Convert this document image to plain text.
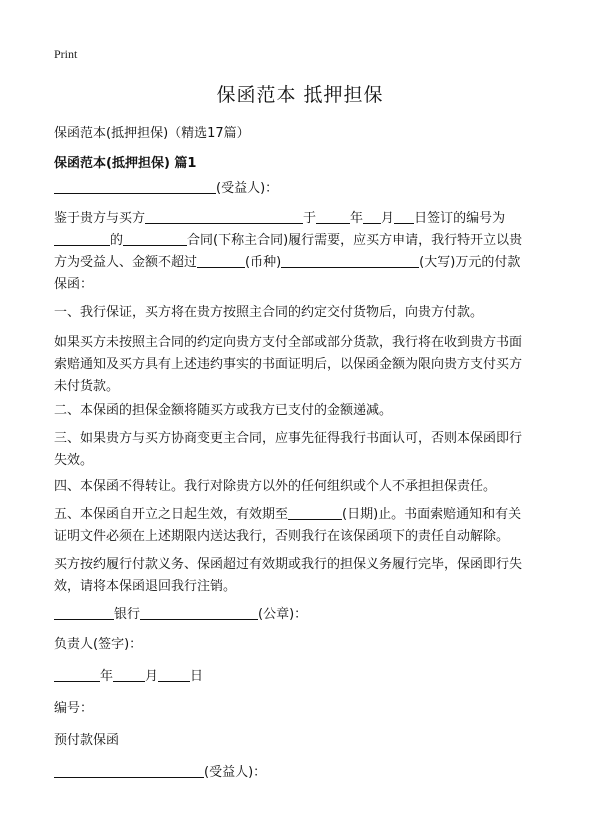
Print
保函范本 抵押担保
保函范本(抵押担保)（精选17篇）
保函范本(抵押担保) 篇1
(受益人)：
鉴于贵方与买方	于	年 月 日签订的编号为
的	合同(下称主合同)履行需要，应买方申请，我行特开立以贵
方为受益人、金额不超过	(币种)	(大写)万元的付款
保函：
一、我行保证，买方将在贵方按照主合同的约定交付货物后，向贵方付款。
如果买方未按照主合同的约定向贵方支付全部或部分货款，我行将在收到贵方书面
索赔通知及买方具有上述违约事实的书面证明后，以保函金额为限向贵方支付买方
未付货款。
二、本保函的担保金额将随买方或我方已支付的金额递减。
三、如果贵方与买方协商变更主合同，应事先征得我行书面认可，否则本保函即行
失效。
四、本保函不得转让。我行对除贵方以外的任何组织或个人不承担担保责任。
五、本保函自开立之日起生效，有效期至	(日期)止。书面索赔通知和有关
证明文件必须在上述期限内送达我行，否则我行在该保函项下的责任自动解除。
买方按约履行付款义务、保函超过有效期或我行的担保义务履行完毕，保函即行失
效，请将本保函退回我行注销。
银行	(公章)：
负责人(签字)：
年 月 日
编号：
预付款保函
(受益人)：
